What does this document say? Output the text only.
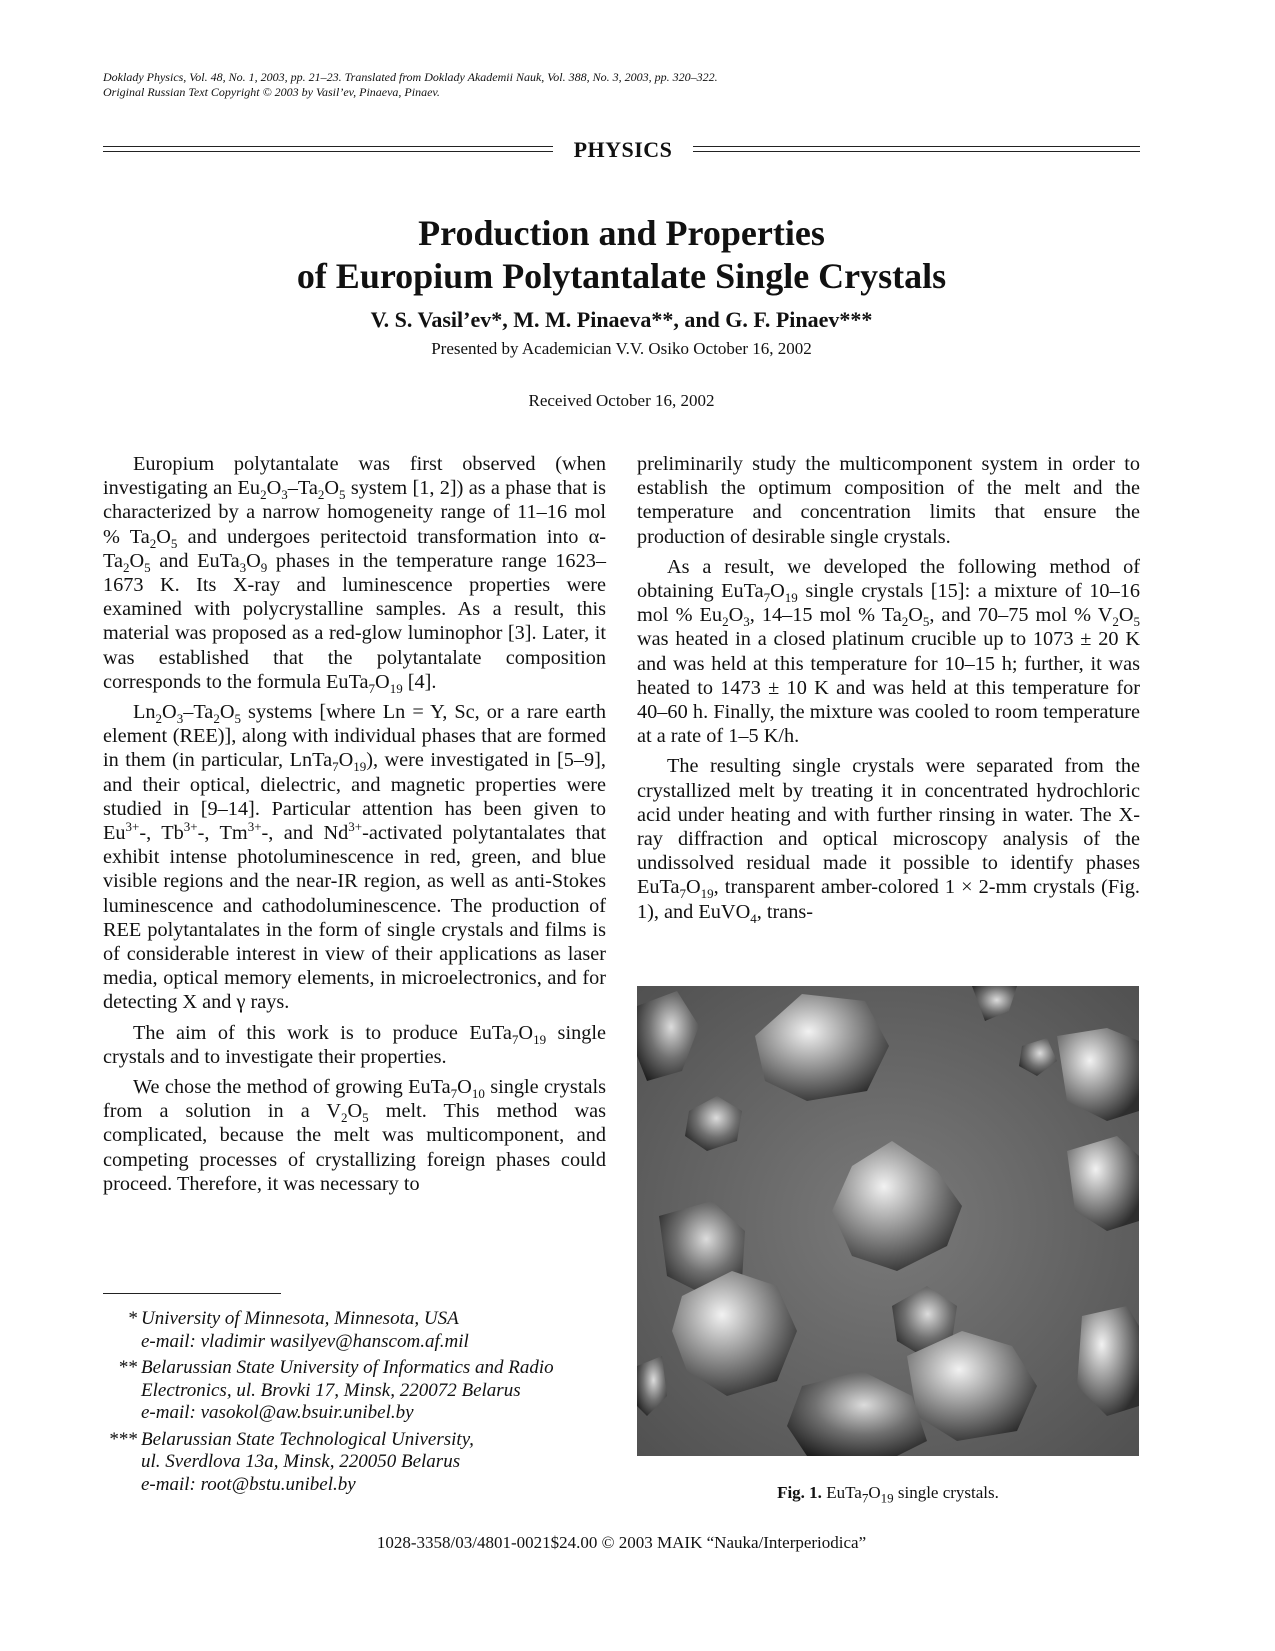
Doklady Physics, Vol. 48, No. 1, 2003, pp. 21–23. Translated from Doklady Akademii Nauk, Vol. 388, No. 3, 2003, pp. 320–322.
Original Russian Text Copyright © 2003 by Vasil’ev, Pinaeva, Pinaev.
PHYSICS
Production and Properties
of Europium Polytantalate Single Crystals
V. S. Vasil’ev*, M. M. Pinaeva**, and G. F. Pinaev***
Presented by Academician V.V. Osiko October 16, 2002
Received October 16, 2002

Europium polytantalate was first observed (when investigating an $Eu_2O_3-Ta_2O_5$ system [1, 2]) as a phase that is characterized by a narrow homogeneity range of 11–16 mol % $Ta_2O_5$ and undergoes peritectoid transformation into $\alpha-Ta_2O_5$ and $EuTa_3O_9$ phases in the temperature range 1623–1673 K. Its X-ray and luminescence properties were examined with polycrystalline samples. As a result, this material was proposed as a red-glow luminophor [3]. Later, it was established that the polytantalate composition corresponds to the formula $EuTa_7O_{19}$ [4].

$Ln_2O_3-Ta_2O_5$ systems [where Ln = Y, Sc, or a rare earth element (REE)], along with individual phases that are formed in them (in particular, $LnTa_7O_{19}$), were investigated in [5–9], and their optical, dielectric, and magnetic properties were studied in [9–14]. Particular attention has been given to $Eu^{3+}-$, $Tb^{3+}-$, $Tm^{3+}-$, and $Nd^{3+}$-activated polytantalates that exhibit intense photoluminescence in red, green, and blue visible regions and the near-IR region, as well as anti-Stokes luminescence and cathodoluminescence. The production of REE polytantalates in the form of single crystals and films is of considerable interest in view of their applications as laser media, optical memory elements, in microelectronics, and for detecting X and γ rays.

The aim of this work is to produce $EuTa_7O_{19}$ single crystals and to investigate their properties.

We chose the method of growing $EuTa_7O_{10}$ single crystals from a solution in a $V_2O_5$ melt. This method was complicated, because the melt was multicomponent, and competing processes of crystallizing foreign phases could proceed. Therefore, it was necessary to

preliminarily study the multicomponent system in order to establish the optimum composition of the melt and the temperature and concentration limits that ensure the production of desirable single crystals.

As a result, we developed the following method of obtaining $EuTa_7O_{19}$ single crystals [15]: a mixture of 10–16 mol % $Eu_2O_3$, 14–15 mol % $Ta_2O_5$, and 70–75 mol % $V_2O_5$ was heated in a closed platinum crucible up to 1073 ± 20 K and was held at this temperature for 10–15 h; further, it was heated to 1473 ± 10 K and was held at this temperature for 40–60 h. Finally, the mixture was cooled to room temperature at a rate of 1–5 K/h.

The resulting single crystals were separated from the crystallized melt by treating it in concentrated hydrochloric acid under heating and with further rinsing in water. The X-ray diffraction and optical microscopy analysis of the undissolved residual made it possible to identify phases $EuTa_7O_{19}$, transparent amber-colored 1 × 2-mm crystals (Fig. 1), and EuVO$_4$, trans-

* University of Minnesota, Minnesota, USA
e-mail: vladimir wasilyev@hanscom.af.mil
** Belarussian State University of Informatics and Radio
Electronics, ul. Brovki 17, Minsk, 220072 Belarus
e-mail: vasokol@aw.bsuir.unibel.by
*** Belarussian State Technological University,
ul. Sverdlova 13a, Minsk, 220050 Belarus
e-mail: root@bstu.unibel.by	Fig. 1. $EuTa_7O_{19}$ single crystals.
1028-3358/03/4801-0021$24.00 © 2003 MAIK “Nauka/Interperiodica”
